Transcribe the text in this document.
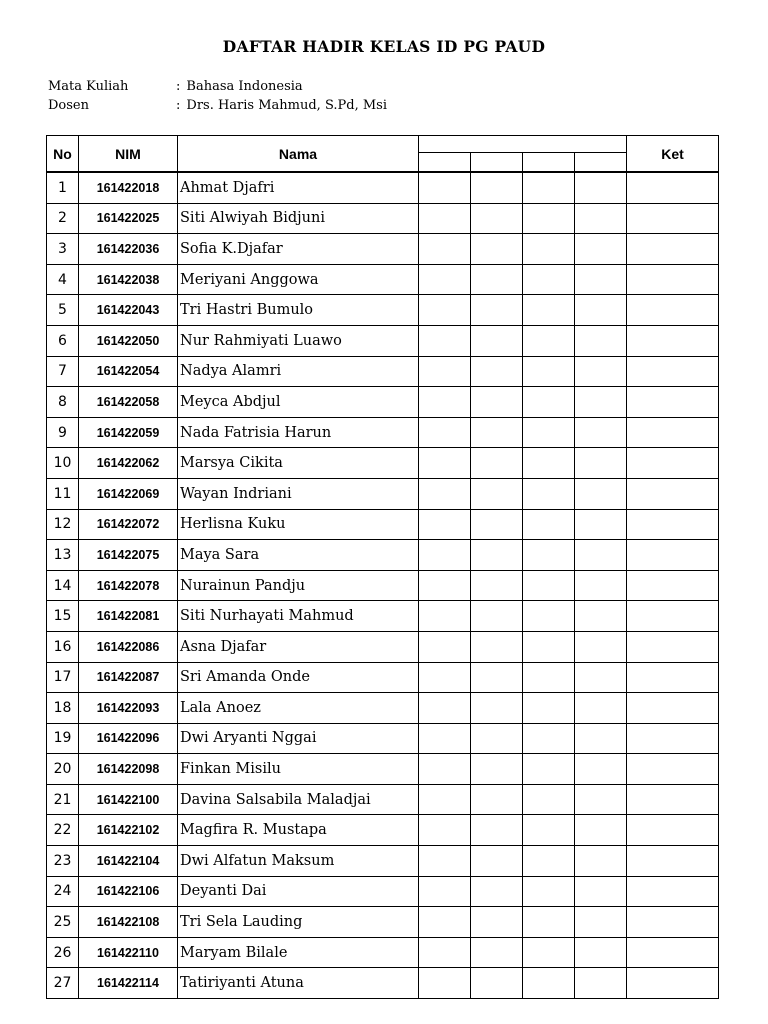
DAFTAR HADIR KELAS ID PG PAUD
Mata Kuliah	: Bahasa Indonesia
Dosen	: Drs. Haris Mahmud, S.Pd, Msi
No	NIM	Nama					Ket

1	161422018	Ahmat Djafri					
2	161422025	Siti Alwiyah Bidjuni					
3	161422036	Sofia K.Djafar					
4	161422038	Meriyani Anggowa					
5	161422043	Tri Hastri Bumulo					
6	161422050	Nur Rahmiyati Luawo					
7	161422054	Nadya Alamri					
8	161422058	Meyca Abdjul					
9	161422059	Nada Fatrisia Harun					
10	161422062	Marsya Cikita					
11	161422069	Wayan Indriani					
12	161422072	Herlisna Kuku					
13	161422075	Maya Sara					
14	161422078	Nurainun Pandju					
15	161422081	Siti Nurhayati Mahmud					
16	161422086	Asna Djafar					
17	161422087	Sri Amanda Onde					
18	161422093	Lala Anoez					
19	161422096	Dwi Aryanti Nggai					
20	161422098	Finkan Misilu					
21	161422100	Davina Salsabila Maladjai					
22	161422102	Magfira R. Mustapa					
23	161422104	Dwi Alfatun Maksum					
24	161422106	Deyanti Dai					
25	161422108	Tri Sela Lauding					
26	161422110	Maryam Bilale					
27	161422114	Tatiriyanti Atuna					
